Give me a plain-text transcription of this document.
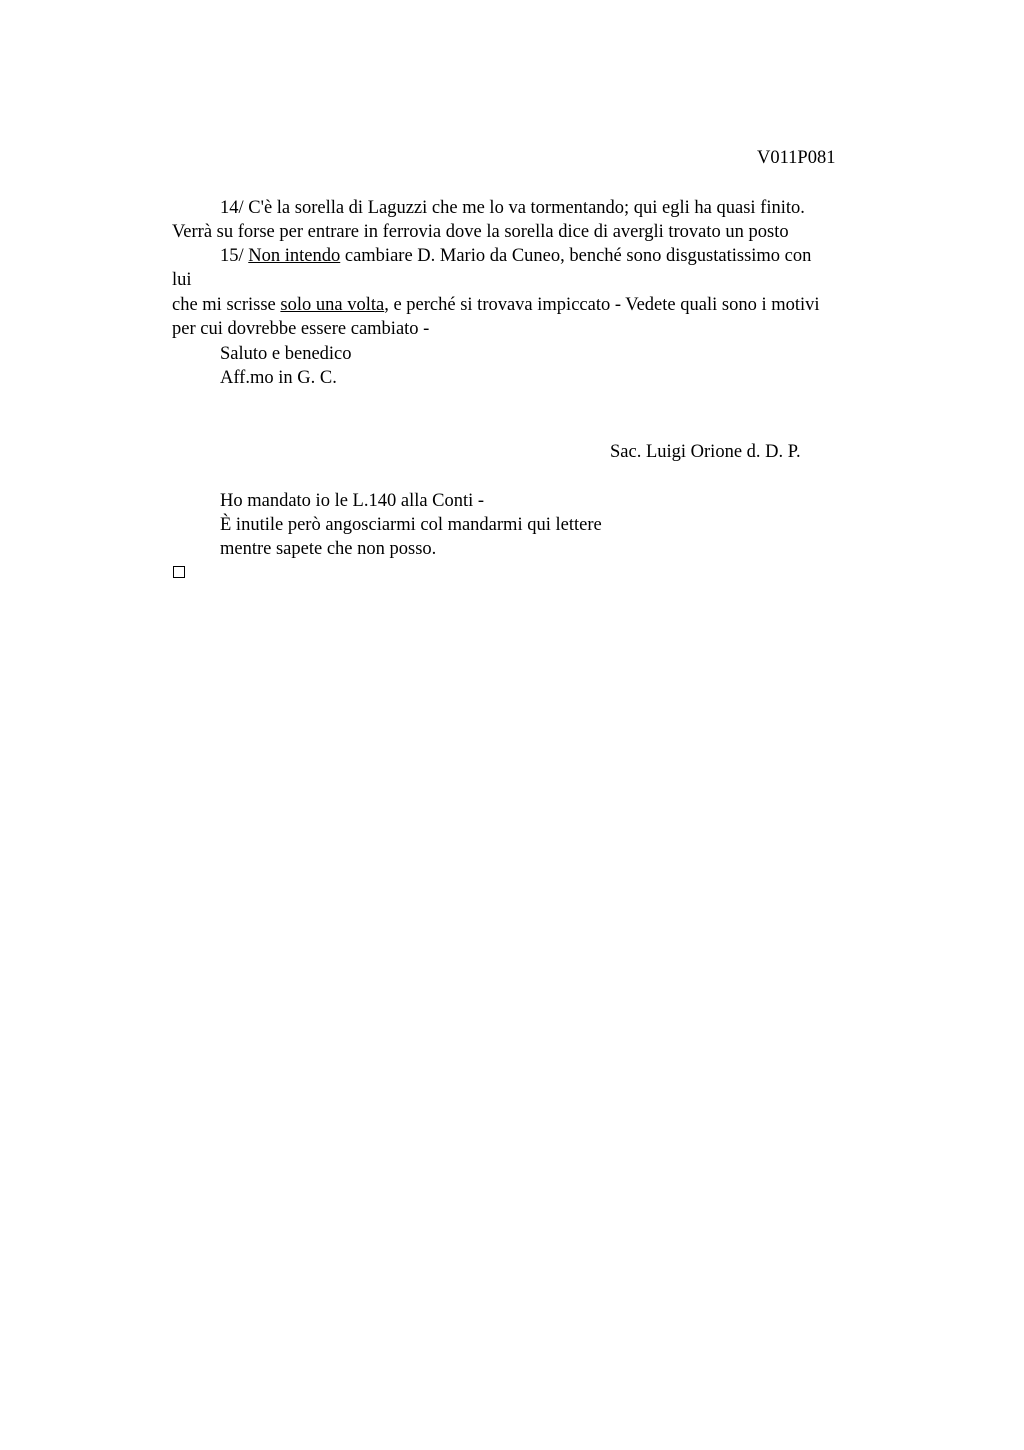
V011P081
14/ C'è la sorella di Laguzzi che me lo va tormentando; qui egli ha quasi finito.
Verrà su forse per entrare in ferrovia dove la sorella dice di avergli trovato un posto
15/ Non intendo cambiare D. Mario da Cuneo, benché sono disgustatissimo con
lui
che mi scrisse solo una volta, e perché si trovava impiccato - Vedete quali sono i motivi
per cui dovrebbe essere cambiato -
Saluto e benedico
Aff.mo in G. C.
Sac. Luigi Orione d. D. P.
Ho mandato io le L.140 alla Conti -
È inutile però angosciarmi col mandarmi qui lettere
mentre sapete che non posso.
